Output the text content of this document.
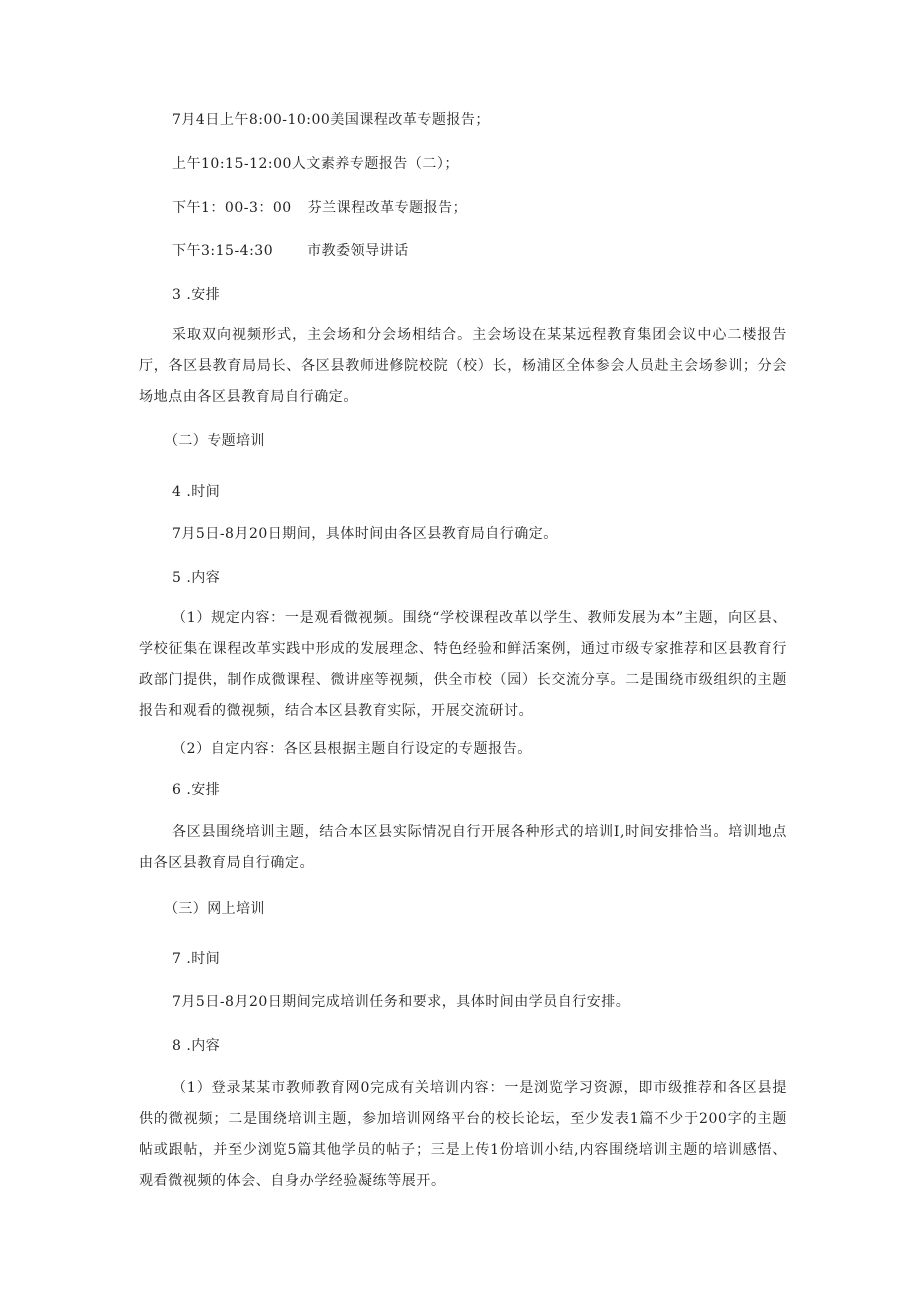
7月4日上午8:00-10:00美国课程改革专题报告；
上午10:15-12:00人文素养专题报告（二）；
下午1：00-3：00 芬兰课程改革专题报告；
下午3:15-4:30 市教委领导讲话
3 .安排
采取双向视频形式，主会场和分会场相结合。主会场设在某某远程教育集团会议中心二楼报告厅，各区县教育局局长、各区县教师进修院校院（校）长，杨浦区全体参会人员赴主会场参训；分会场地点由各区县教育局自行确定。
（二）专题培训
4 .时间
7月5日-8月20日期间，具体时间由各区县教育局自行确定。
5 .内容
（1）规定内容：一是观看微视频。围绕“学校课程改革以学生、教师发展为本”主题，向区县、学校征集在课程改革实践中形成的发展理念、特色经验和鲜活案例，通过市级专家推荐和区县教育行政部门提供，制作成微课程、微讲座等视频，供全市校（园）长交流分享。二是围绕市级组织的主题报告和观看的微视频，结合本区县教育实际，开展交流研讨。
（2）自定内容：各区县根据主题自行设定的专题报告。
6 .安排
各区县围绕培训主题，结合本区县实际情况自行开展各种形式的培训I,时间安排恰当。培训地点由各区县教育局自行确定。
（三）网上培训
7 .时间
7月5日-8月20日期间完成培训任务和要求，具体时间由学员自行安排。
8 .内容
（1）登录某某市教师教育网0完成有关培训内容：一是浏览学习资源，即市级推荐和各区县提供的微视频；二是围绕培训主题，参加培训网络平台的校长论坛，至少发表1篇不少于200字的主题帖或跟帖，并至少浏览5篇其他学员的帖子；三是上传1份培训小结,内容围绕培训主题的培训感悟、观看微视频的体会、自身办学经验凝练等展开。
